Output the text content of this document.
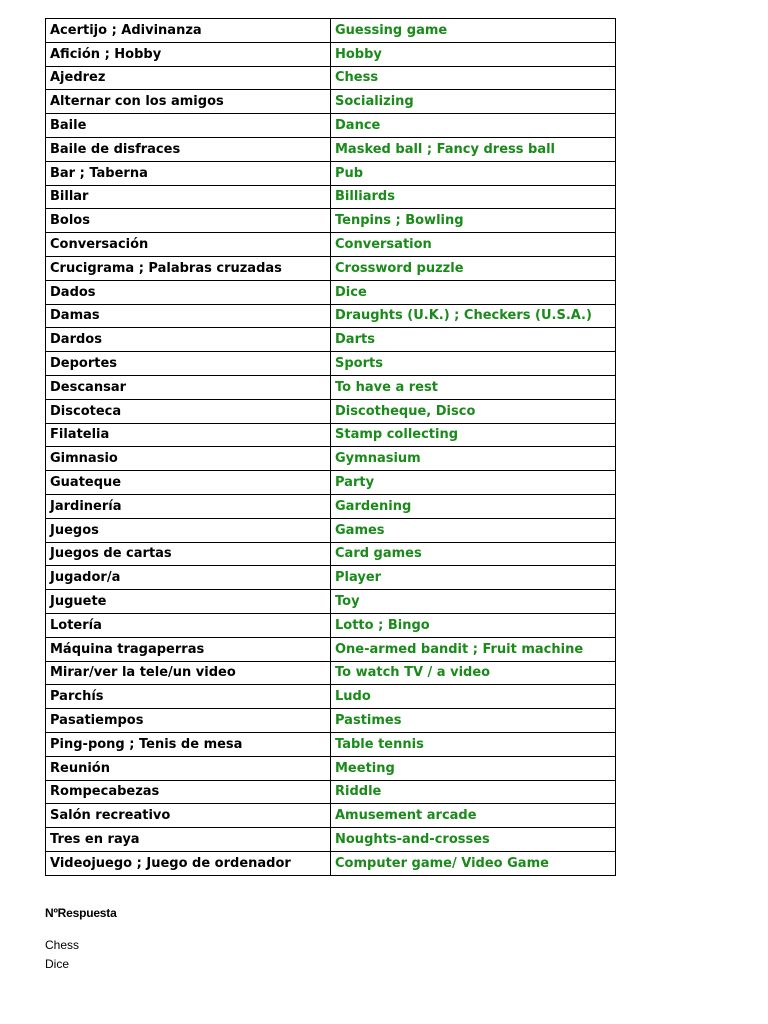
Acertijo ; Adivinanza	Guessing game
Afición ; Hobby	Hobby
Ajedrez	Chess
Alternar con los amigos	Socializing
Baile	Dance
Baile de disfraces	Masked ball ; Fancy dress ball
Bar ; Taberna	Pub
Billar	Billiards
Bolos	Tenpins ; Bowling
Conversación	Conversation
Crucigrama ; Palabras cruzadas	Crossword puzzle
Dados	Dice
Damas	Draughts (U.K.) ; Checkers (U.S.A.)
Dardos	Darts
Deportes	Sports
Descansar	To have a rest
Discoteca	Discotheque, Disco
Filatelia	Stamp collecting
Gimnasio	Gymnasium
Guateque	Party
Jardinería	Gardening
Juegos	Games
Juegos de cartas	Card games
Jugador/a	Player
Juguete	Toy
Lotería	Lotto ; Bingo
Máquina tragaperras	One-armed bandit ; Fruit machine
Mirar/ver la tele/un video	To watch TV / a video
Parchís	Ludo
Pasatiempos	Pastimes
Ping-pong ; Tenis de mesa	Table tennis
Reunión	Meeting
Rompecabezas	Riddle
Salón recreativo	Amusement arcade
Tres en raya	Noughts-and-crosses
Videojuego ; Juego de ordenador	Computer game/ Video Game
NºRespuesta
Chess
Dice
